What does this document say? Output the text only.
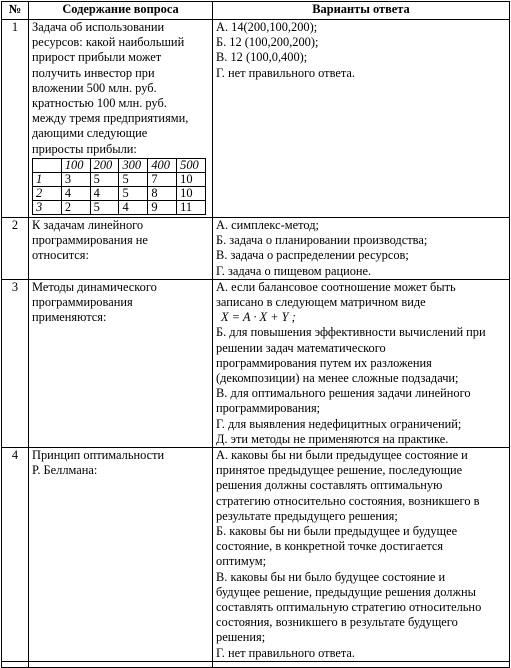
№	Содержание вопроса	Варианты ответа
1	Задача об использовании
ресурсов: какой наибольший
прирост прибыли может
получить инвестор при
вложении 500 млн. руб.
кратностью 100 млн. руб.
между тремя предприятиями,
дающими следующие
приросты прибыли:
	100	200	300	400	500
1	3	5	5	7	10
2	4	4	5	8	10
3	2	5	4	9	11

А. 14(200,100,200);
Б. 12 (100,200,200);
В. 12 (100,0,400);
Г. нет правильного ответа.

2	К задачам линейного
программирования не
относится:

А. симплекс-метод;
Б. задача о планировании производства;
В. задача о распределении ресурсов;
Г. задача о пищевом рационе.

3	Методы динамического
программирования
применяются:

А. если балансовое соотношение может быть
записано в следующем матричном виде
X = A · X + Y ;
Б. для повышения эффективности вычислений при
решении задач математического
программирования путем их разложения
(декомпозиции) на менее сложные подзадачи;
В. для оптимального решения задачи линейного
программирования;
Г. для выявления недефицитных ограничений;
Д. эти методы не применяются на практике.

4	Принцип оптимальности
Р. Беллмана:

А. каковы бы ни были предыдущее состояние и
принятое предыдущее решение, последующие
решения должны составлять оптимальную
стратегию относительно состояния, возникшего в
результате предыдущего решения;
Б. каковы бы ни были предыдущее и будущее
состояние, в конкретной точке достигается
оптимум;
В. каковы бы ни было будущее состояние и
будущее решение, предыдущие решения должны
составлять оптимальную стратегию относительно
состояния, возникшего в результате будущего
решения;
Г. нет правильного ответа.
